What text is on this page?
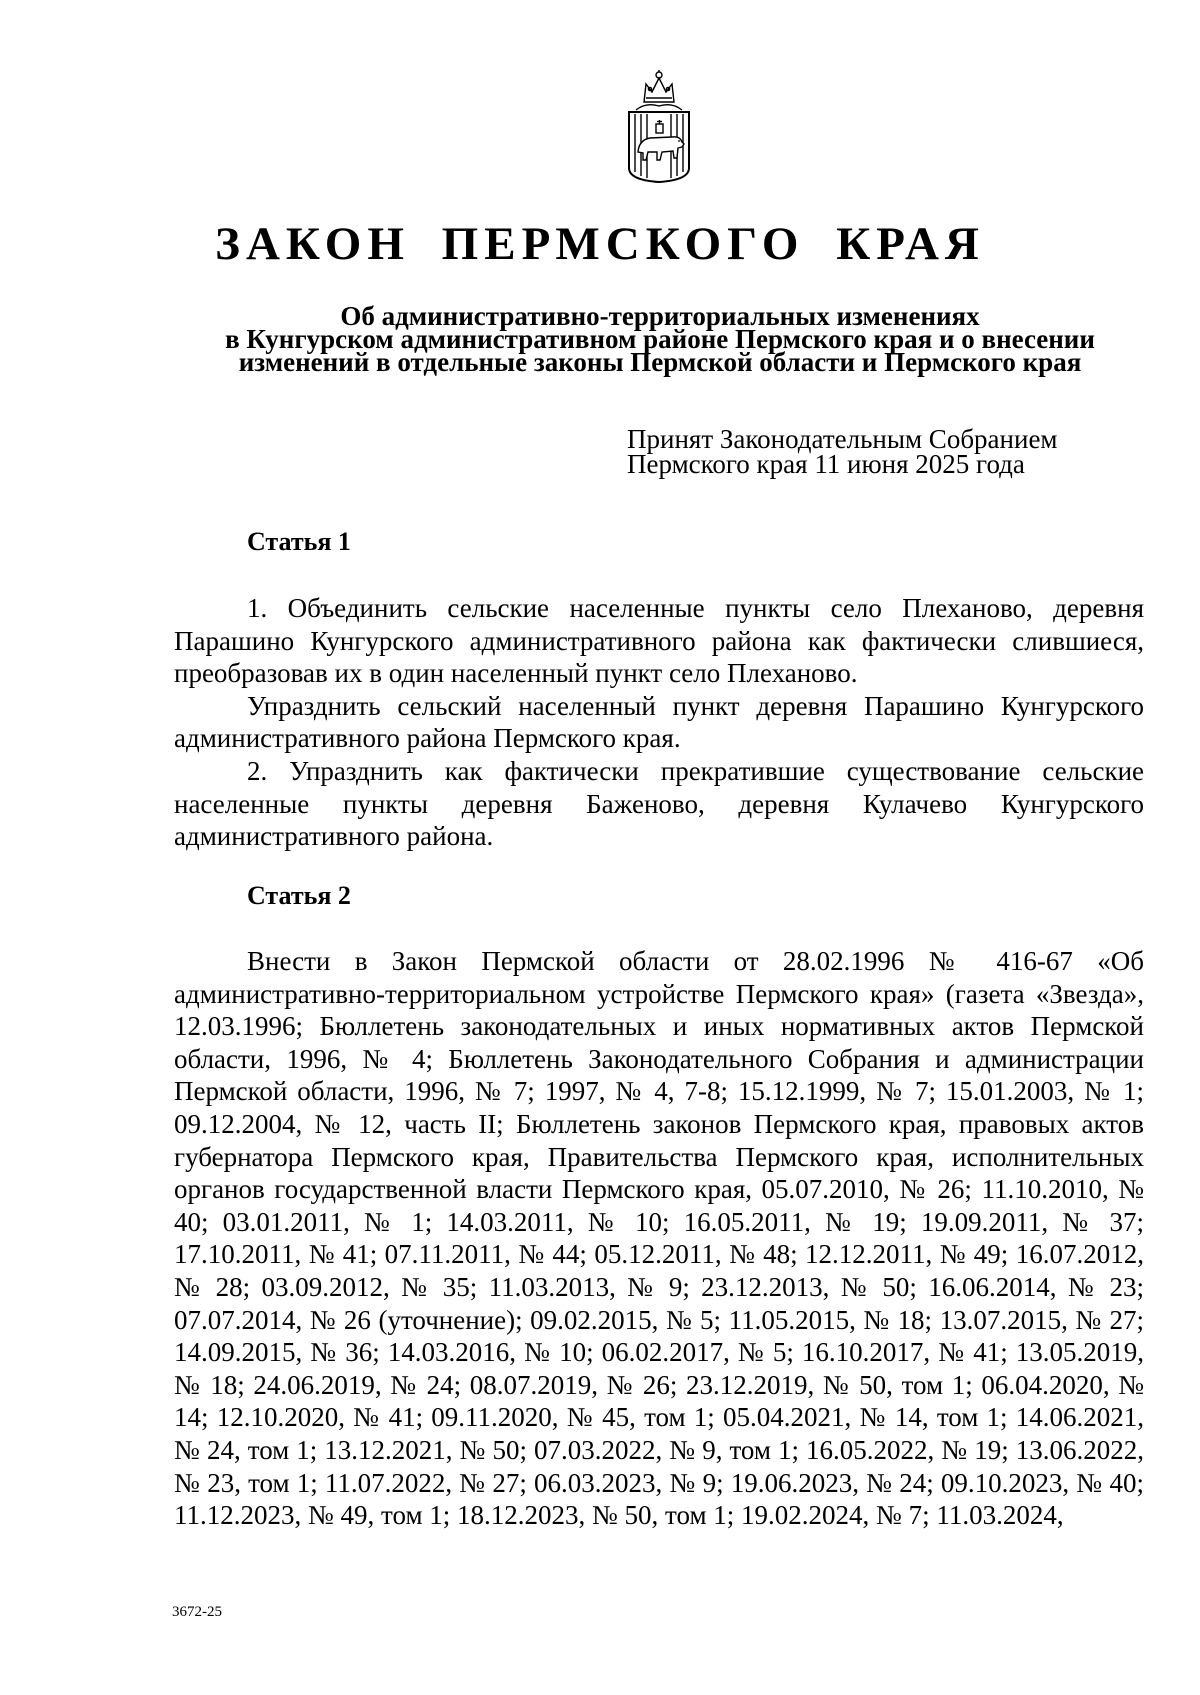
ЗАКОН ПЕРМСКОГО КРАЯ
Об административно-территориальных изменениях
в Кунгурском административном районе Пермского края и о внесении
изменений в отдельные законы Пермской области и Пермского края
Принят Законодательным Собранием
Пермского края 11 июня 2025 года
Статья 1

1. Объединить сельские населенные пункты село Плеханово, деревня Парашино Кунгурского административного района как фактически слившиеся, преобразовав их в один населенный пункт село Плеханово.

Упразднить сельский населенный пункт деревня Парашино Кунгурского административного района Пермского края.

2. Упразднить как фактически прекратившие существование сельские населенные пункты деревня Баженово, деревня Кулачево Кунгурского административного района.

Статья 2

Внести в Закон Пермской области от 28.02.1996 № 416-67 «Об административно-территориальном устройстве Пермского края» (газета «Звезда», 12.03.1996; Бюллетень законодательных и иных нормативных актов Пермской области, 1996, № 4; Бюллетень Законодательного Собрания и администрации Пермской области, 1996, № 7; 1997, № 4, 7-8; 15.12.1999, № 7; 15.01.2003, № 1; 09.12.2004, № 12, часть II; Бюллетень законов Пермского края, правовых актов губернатора Пермского края, Правительства Пермского края, исполнительных органов государственной власти Пермского края, 05.07.2010, № 26; 11.10.2010, № 40; 03.01.2011, № 1; 14.03.2011, № 10; 16.05.2011, № 19; 19.09.2011, № 37; 17.10.2011, № 41; 07.11.2011, № 44; 05.12.2011, № 48; 12.12.2011, № 49; 16.07.2012, № 28; 03.09.2012, № 35; 11.03.2013, № 9; 23.12.2013, № 50; 16.06.2014, № 23; 07.07.2014, № 26 (уточнение); 09.02.2015, № 5; 11.05.2015, № 18; 13.07.2015, № 27; 14.09.2015, № 36; 14.03.2016, № 10; 06.02.2017, № 5; 16.10.2017, № 41; 13.05.2019, № 18; 24.06.2019, № 24; 08.07.2019, № 26; 23.12.2019, № 50, том 1; 06.04.2020, № 14; 12.10.2020, № 41; 09.11.2020, № 45, том 1; 05.04.2021, № 14, том 1; 14.06.2021, № 24, том 1; 13.12.2021, № 50; 07.03.2022, № 9, том 1; 16.05.2022, № 19; 13.06.2022, № 23, том 1; 11.07.2022, № 27; 06.03.2023, № 9; 19.06.2023, № 24; 09.10.2023, № 40; 11.12.2023, № 49, том 1; 18.12.2023, № 50, том 1; 19.02.2024, № 7; 11.03.2024,

3672-25
